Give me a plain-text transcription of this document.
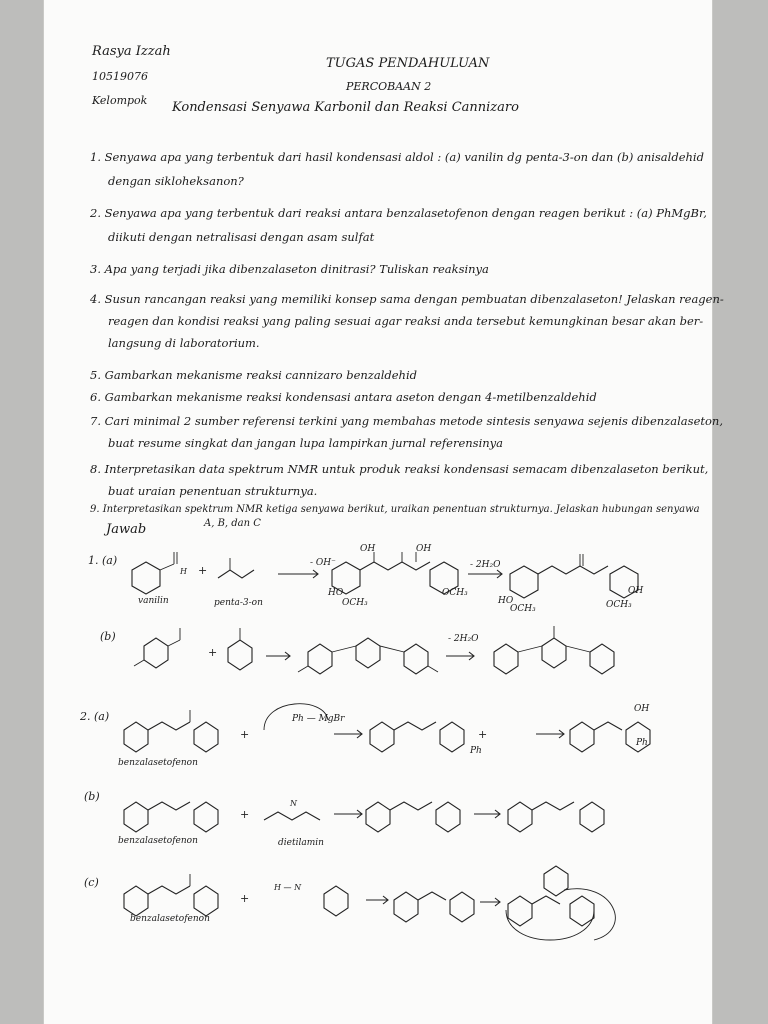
Rasya Izzah
10519076
Kelompok
TUGAS PENDAHULUAN
PERCOBAAN 2
Kondensasi Senyawa Karbonil dan Reaksi Cannizaro
1. Senyawa apa yang terbentuk dari hasil kondensasi aldol : (a) vanilin dg penta-3-on dan (b) anisaldehid
dengan sikloheksanon?
2. Senyawa apa yang terbentuk dari reaksi antara benzalasetofenon dengan reagen berikut : (a) PhMgBr,
diikuti dengan netralisasi dengan asam sulfat
3. Apa yang terjadi jika dibenzalaseton dinitrasi? Tuliskan reaksinya
4. Susun rancangan reaksi yang memiliki konsep sama dengan pembuatan dibenzalaseton! Jelaskan reagen-
reagen dan kondisi reaksi yang paling sesuai agar reaksi anda tersebut kemungkinan besar akan ber-
langsung di laboratorium.
5. Gambarkan mekanisme reaksi cannizaro benzaldehid
6. Gambarkan mekanisme reaksi kondensasi antara aseton dengan 4-metilbenzaldehid
7. Cari minimal 2 sumber referensi terkini yang membahas metode sintesis senyawa sejenis dibenzalaseton,
buat resume singkat dan jangan lupa lampirkan jurnal referensinya
8. Interpretasikan data spektrum NMR untuk produk reaksi kondensasi semacam dibenzalaseton berikut,
buat uraian penentuan strukturnya.
9. Interpretasikan spektrum NMR ketiga senyawa berikut, uraikan penentuan strukturnya. Jelaskan hubungan senyawa
A, B, dan C
Jawab
1. (a)
H +
- OH⁻	- 2H₂O
vanilin	penta-3-on
OH	OH
HO
OCH₃
OCH₃
HO
OCH₃	OCH₃
OH
(b)
+
- 2H₂O
2. (a)
+	+
Ph — MgBr
Ph
OH
Ph
benzalasetofenon
(b)
+
N
benzalasetofenon	dietilamin
(c)
+
H — N
benzalasetofenon
